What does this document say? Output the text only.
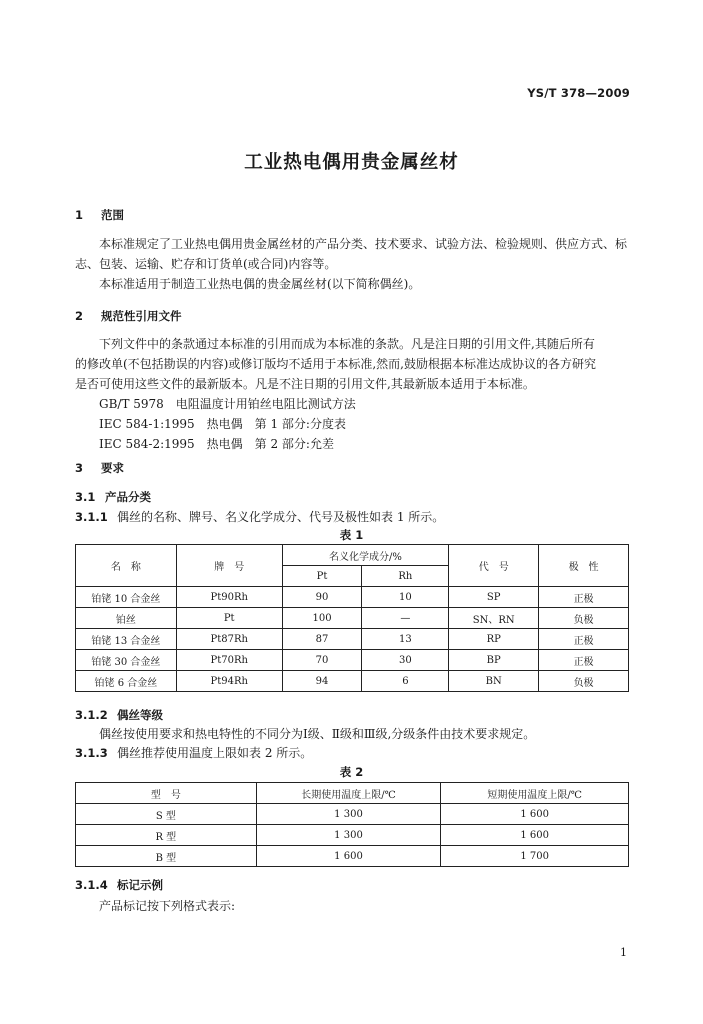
YS/T 378—2009
工业热电偶用贵金属丝材
1 范围
本标准规定了工业热电偶用贵金属丝材的产品分类、技术要求、试验方法、检验规则、供应方式、标
志、包装、运输、贮存和订货单(或合同)内容等。
本标准适用于制造工业热电偶的贵金属丝材(以下简称偶丝)。
2 规范性引用文件
下列文件中的条款通过本标准的引用而成为本标准的条款。凡是注日期的引用文件,其随后所有
的修改单(不包括勘误的内容)或修订版均不适用于本标准,然而,鼓励根据本标准达成协议的各方研究
是否可使用这些文件的最新版本。凡是不注日期的引用文件,其最新版本适用于本标准。
GB/T 5978　电阻温度计用铂丝电阻比测试方法
IEC 584-1:1995　热电偶　第 1 部分:分度表
IEC 584-2:1995　热电偶　第 2 部分:允差
3 要求
3.1 产品分类
3.1.1 偶丝的名称、牌号、名义化学成分、代号及极性如表 1 所示。
表 1
名　称	牌　号	名义化学成分/%		代　号	极　性
		Pt	Rh		
铂铑 10 合金丝	Pt90Rh	90	10	SP	正极
铂丝	Pt	100	—	SN、RN	负极
铂铑 13 合金丝	Pt87Rh	87	13	RP	正极
铂铑 30 合金丝	Pt70Rh	70	30	BP	正极
铂铑 6 合金丝	Pt94Rh	94	6	BN	负极
3.1.2 偶丝等级
偶丝按使用要求和热电特性的不同分为Ⅰ级、Ⅱ级和Ⅲ级,分级条件由技术要求规定。
3.1.3 偶丝推荐使用温度上限如表 2 所示。
表 2
型　号	长期使用温度上限/℃	短期使用温度上限/℃
S 型	1 300	1 600
R 型	1 300	1 600
B 型	1 600	1 700
3.1.4 标记示例
产品标记按下列格式表示:
1
